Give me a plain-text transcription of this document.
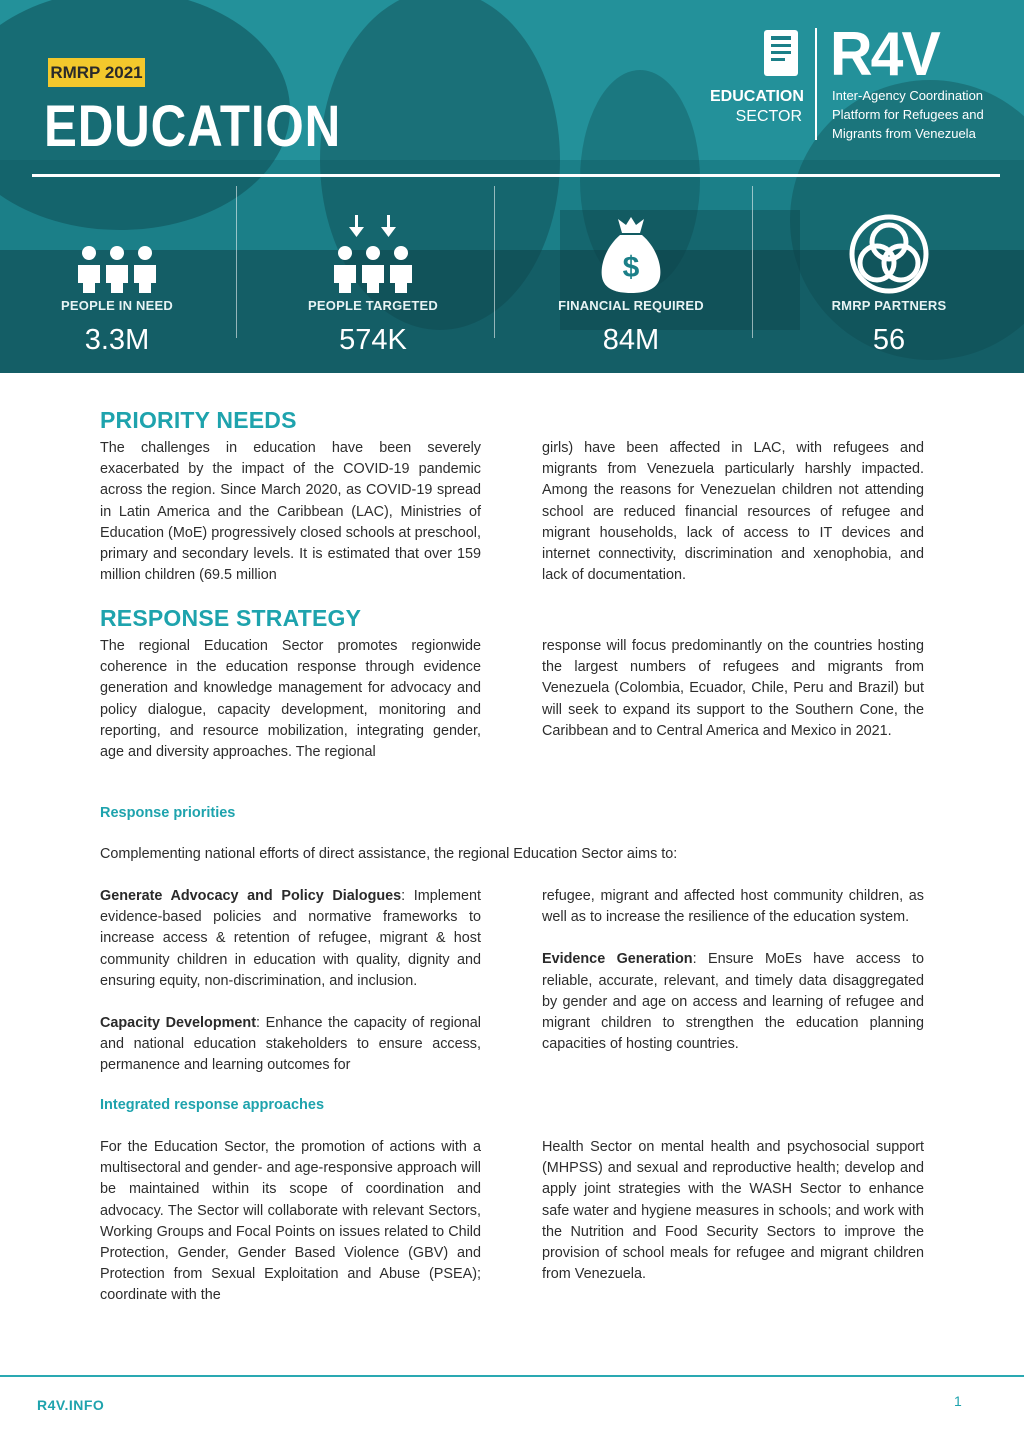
RMRP 2021
EDUCATION	EDUCATION
SECTOR
R4V
Inter-Agency Coordination
Platform for Refugees and
Migrants from Venezuela
PEOPLE IN NEED
3.3M
PEOPLE TARGETED
574K
$
FINANCIAL REQUIRED
84M
RMRP PARTNERS
56
PRIORITY NEEDS

The challenges in education have been severely exacerbated by the impact of the COVID-19 pandemic across the region. Since March 2020, as COVID-19 spread in Latin America and the Caribbean (LAC), Ministries of Education (MoE) progressively closed schools at preschool, primary and secondary levels. It is estimated that over 159 million children (69.5 million

girls) have been affected in LAC, with refugees and migrants from Venezuela particularly harshly impacted. Among the reasons for Venezuelan children not attending school are reduced financial resources of refugee and migrant households, lack of access to IT devices and internet connectivity, discrimination and xenophobia, and lack of documentation.

RESPONSE STRATEGY

The regional Education Sector promotes regionwide coherence in the education response through evidence generation and knowledge management for advocacy and policy dialogue, capacity development, monitoring and reporting, and resource mobilization, integrating gender, age and diversity approaches. The regional

response will focus predominantly on the countries hosting the largest numbers of refugees and migrants from Venezuela (Colombia, Ecuador, Chile, Peru and Brazil) but will seek to expand its support to the Southern Cone, the Caribbean and to Central America and Mexico in 2021.

Response priorities
Complementing national efforts of direct assistance, the regional Education Sector aims to:

Generate Advocacy and Policy Dialogues: Implement evidence-based policies and normative frameworks to increase access & retention of refugee, migrant & host community children in education with quality, dignity and ensuring equity, non-discrimination, and inclusion.

Capacity Development: Enhance the capacity of regional and national education stakeholders to ensure access, permanence and learning outcomes for

refugee, migrant and affected host community children, as well as to increase the resilience of the education system.

Evidence Generation: Ensure MoEs have access to reliable, accurate, relevant, and timely data disaggregated by gender and age on access and learning of refugee and migrant children to strengthen the education planning capacities of hosting countries.

Integrated response approaches

For the Education Sector, the promotion of actions with a multisectoral and gender- and age-responsive approach will be maintained within its scope of coordination and advocacy. The Sector will collaborate with relevant Sectors, Working Groups and Focal Points on issues related to Child Protection, Gender, Gender Based Violence (GBV) and Protection from Sexual Exploitation and Abuse (PSEA); coordinate with the

Health Sector on mental health and psychosocial support (MHPSS) and sexual and reproductive health; develop and apply joint strategies with the WASH Sector to enhance safe water and hygiene measures in schools; and work with the Nutrition and Food Security Sectors to improve the provision of school meals for refugee and migrant children from Venezuela.

R4V.INFO	1
